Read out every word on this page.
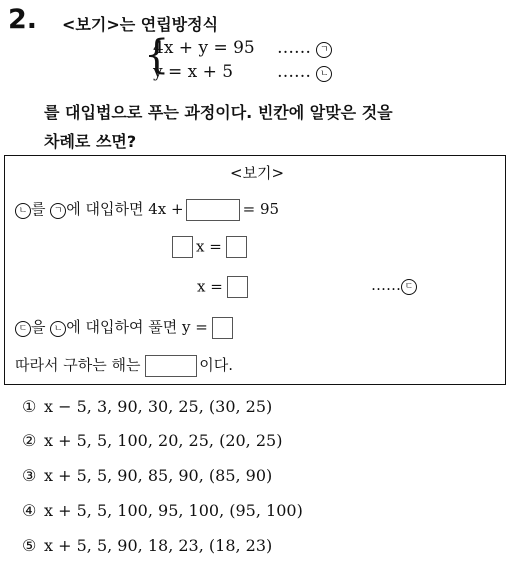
2. <보기>는 연립방정식
{
4x + y = 95 …… ㄱ
y = x + 5	…… ㄴ
를 대입법으로 푸는 과정이다. 빈칸에 알맞은 것을
차례로 쓰면?
<보기>
ㄴ 를 ㄱ 에 대입하면 4x +	= 95
x =
x =	…… ㄷ
ㄷ 을 ㄴ 에 대입하여 풀면 y =
따라서 구하는 해는	이다.
① x − 5, 3, 90, 30, 25, (30, 25)
② x + 5, 5, 100, 20, 25, (20, 25)
③ x + 5, 5, 90, 85, 90, (85, 90)
④ x + 5, 5, 100, 95, 100, (95, 100)
⑤ x + 5, 5, 90, 18, 23, (18, 23)
